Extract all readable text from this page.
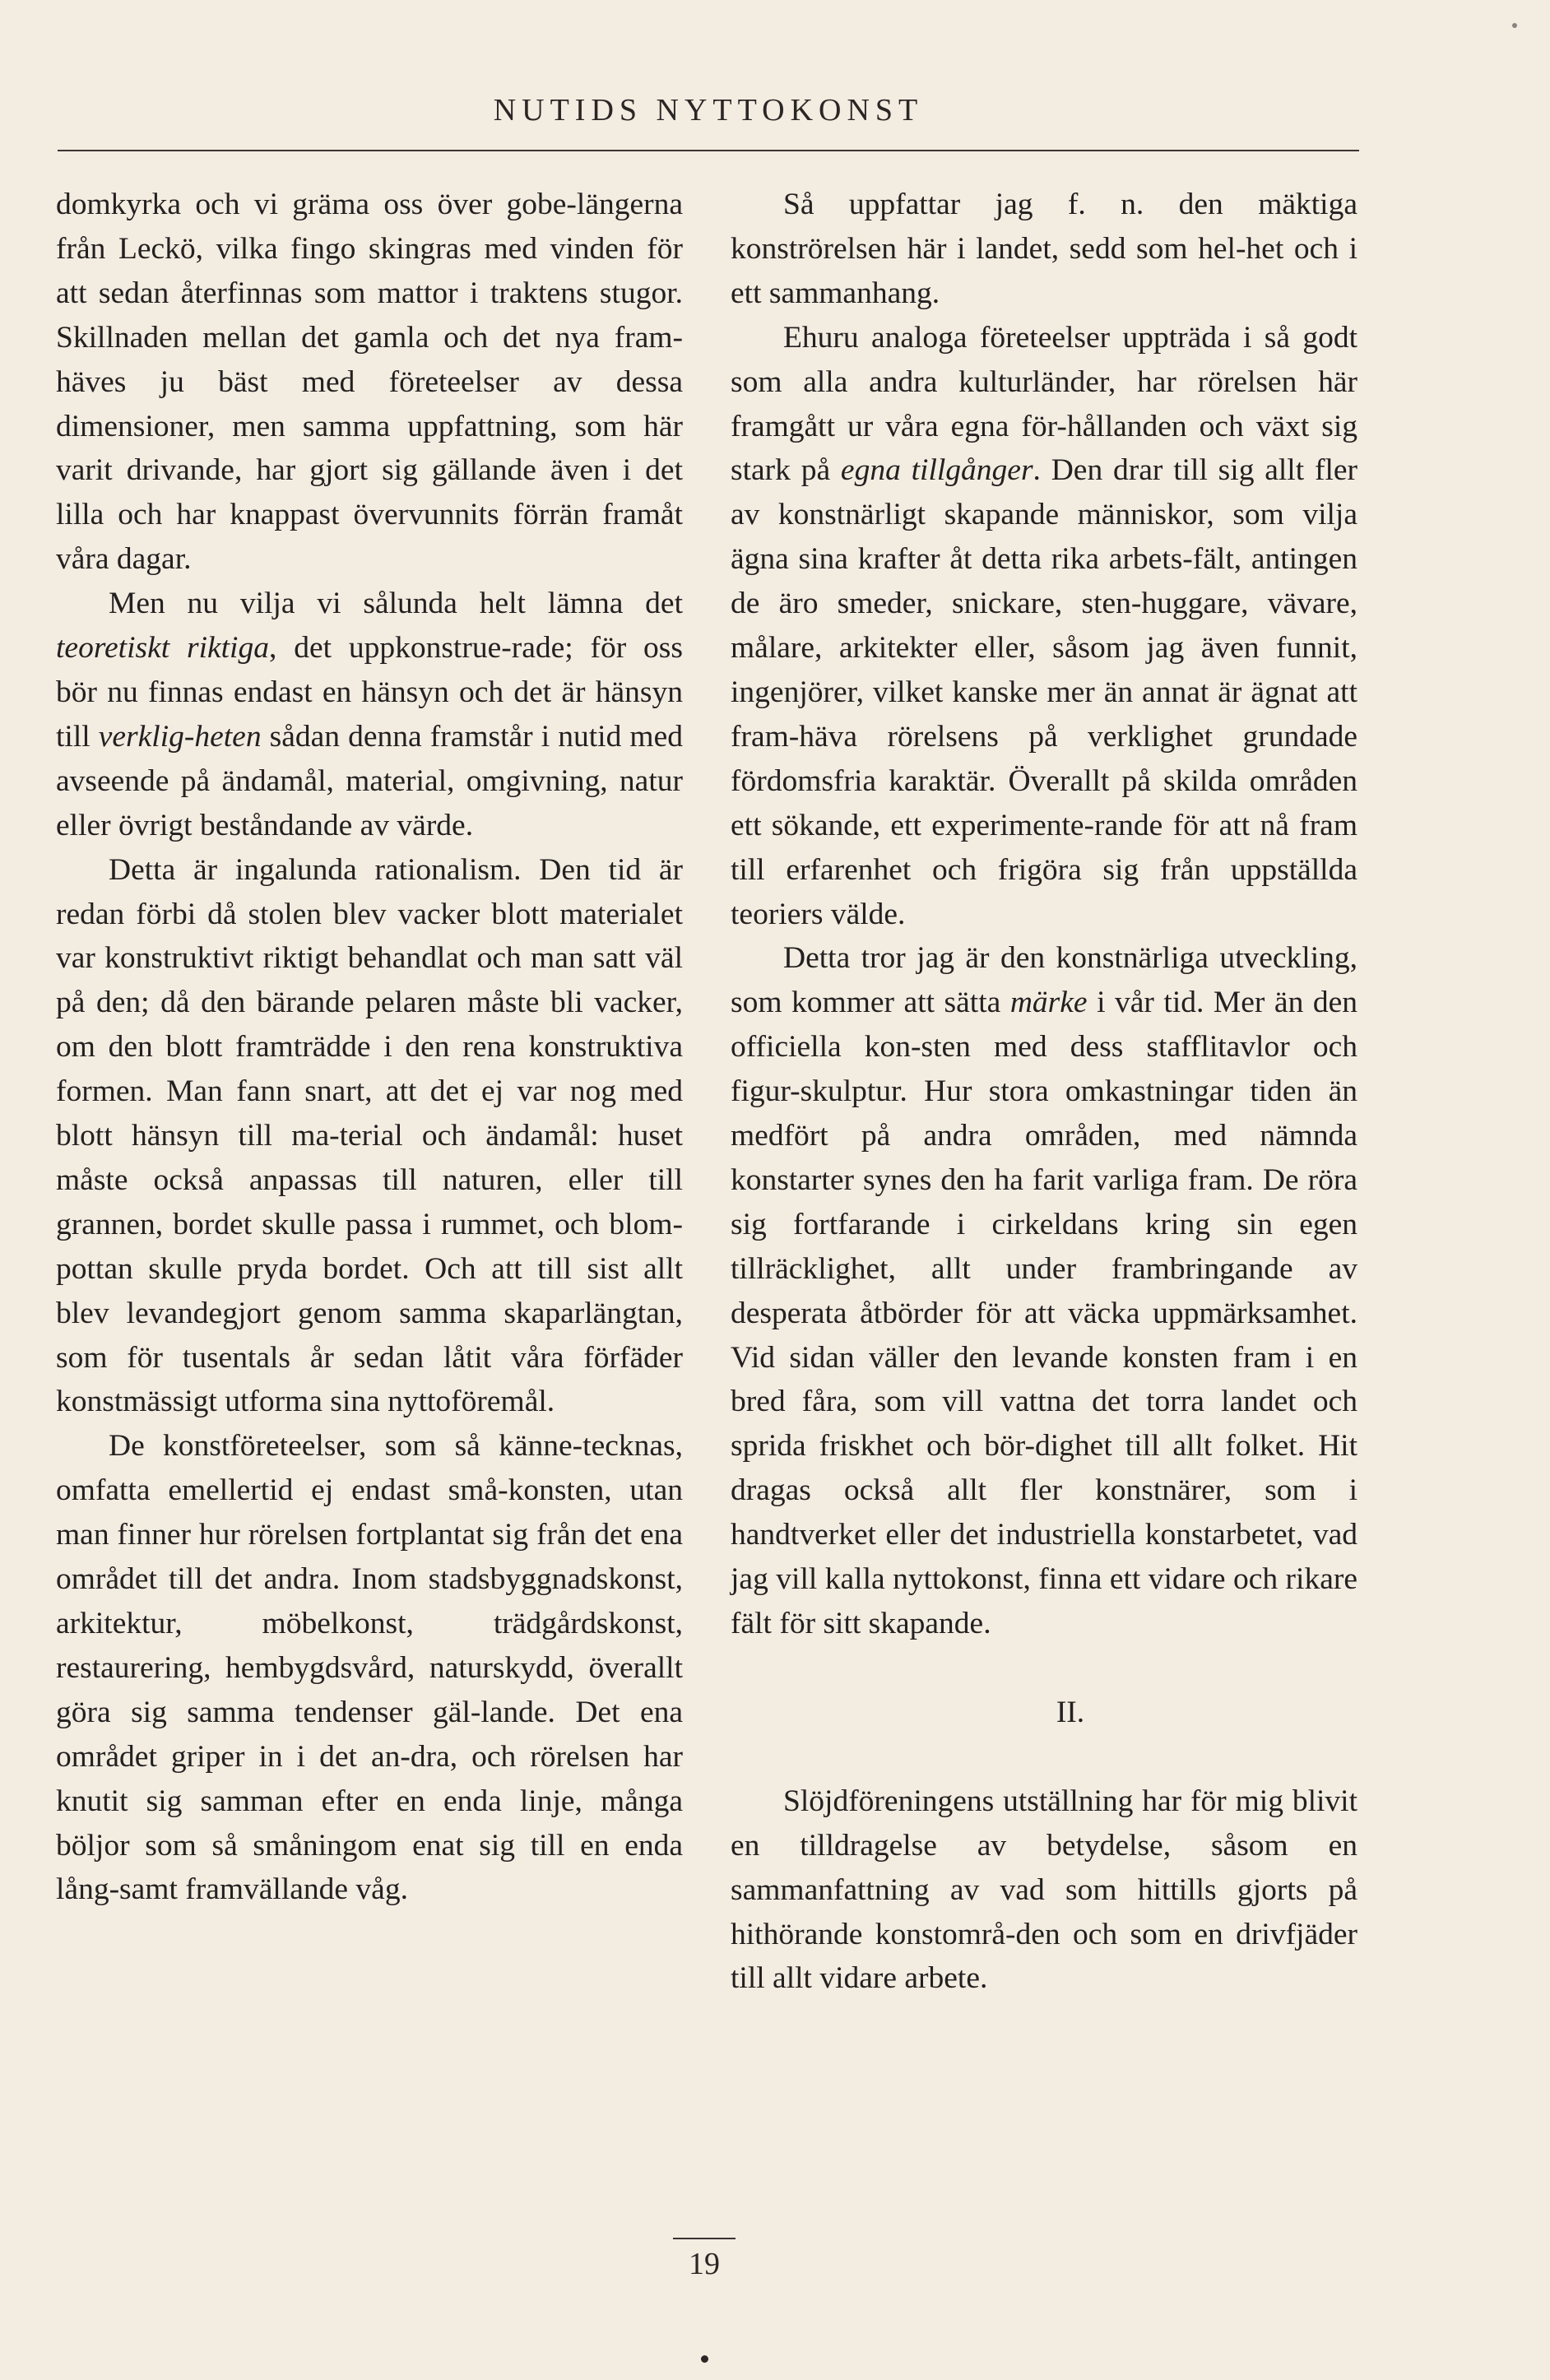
NUTIDS NYTTOKONST

domkyrka och vi gräma oss över gobe-längerna från Leckö, vilka fingo skingras med vinden för att sedan återfinnas som mattor i traktens stugor. Skillnaden mellan det gamla och det nya fram-häves ju bäst med företeelser av dessa dimensioner, men samma uppfattning, som här varit drivande, har gjort sig gällande även i det lilla och har knappast övervunnits förrän framåt våra dagar.

Men nu vilja vi sålunda helt lämna det teoretiskt riktiga, det uppkonstrue-rade; för oss bör nu finnas endast en hänsyn och det är hänsyn till verklig-heten sådan denna framstår i nutid med avseende på ändamål, material, omgivning, natur eller övrigt beståndande av värde.

Detta är ingalunda rationalism. Den tid är redan förbi då stolen blev vacker blott materialet var konstruktivt riktigt behandlat och man satt väl på den; då den bärande pelaren måste bli vacker, om den blott framträdde i den rena konstruktiva formen. Man fann snart, att det ej var nog med blott hänsyn till ma-terial och ändamål: huset måste också anpassas till naturen, eller till grannen, bordet skulle passa i rummet, och blom-pottan skulle pryda bordet. Och att till sist allt blev levandegjort genom samma skaparlängtan, som för tusentals år sedan låtit våra förfäder konstmässigt utforma sina nyttoföremål.

De konstföreteelser, som så känne-tecknas, omfatta emellertid ej endast små-konsten, utan man finner hur rörelsen fortplantat sig från det ena området till det andra. Inom stadsbyggnadskonst, arkitektur, möbelkonst, trädgårdskonst, restaurering, hembygdsvård, naturskydd, överallt göra sig samma tendenser gäl-lande. Det ena området griper in i det an-dra, och rörelsen har knutit sig samman efter en enda linje, många böljor som så småningom enat sig till en enda lång-samt framvällande våg.

Så uppfattar jag f. n. den mäktiga konströrelsen här i landet, sedd som hel-het och i ett sammanhang.

Ehuru analoga företeelser uppträda i så godt som alla andra kulturländer, har rörelsen här framgått ur våra egna för-hållanden och växt sig stark på egna tillgånger. Den drar till sig allt fler av konstnärligt skapande människor, som vilja ägna sina krafter åt detta rika arbets-fält, antingen de äro smeder, snickare, sten-huggare, vävare, målare, arkitekter eller, såsom jag även funnit, ingenjörer, vilket kanske mer än annat är ägnat att fram-häva rörelsens på verklighet grundade fördomsfria karaktär. Överallt på skilda områden ett sökande, ett experimente-rande för att nå fram till erfarenhet och frigöra sig från uppställda teoriers välde.

Detta tror jag är den konstnärliga utveckling, som kommer att sätta märke i vår tid. Mer än den officiella kon-sten med dess stafflitavlor och figur-skulptur. Hur stora omkastningar tiden än medfört på andra områden, med nämnda konstarter synes den ha farit varliga fram. De röra sig fortfarande i cirkeldans kring sin egen tillräcklighet, allt under frambringande av desperata åtbörder för att väcka uppmärksamhet. Vid sidan väller den levande konsten fram i en bred fåra, som vill vattna det torra landet och sprida friskhet och bör-dighet till allt folket. Hit dragas också allt fler konstnärer, som i handtverket eller det industriella konstarbetet, vad jag vill kalla nyttokonst, finna ett vidare och rikare fält för sitt skapande.

II.

Slöjdföreningens utställning har för mig blivit en tilldragelse av betydelse, såsom en sammanfattning av vad som hittills gjorts på hithörande konstområ-den och som en drivfjäder till allt vidare arbete.

19
